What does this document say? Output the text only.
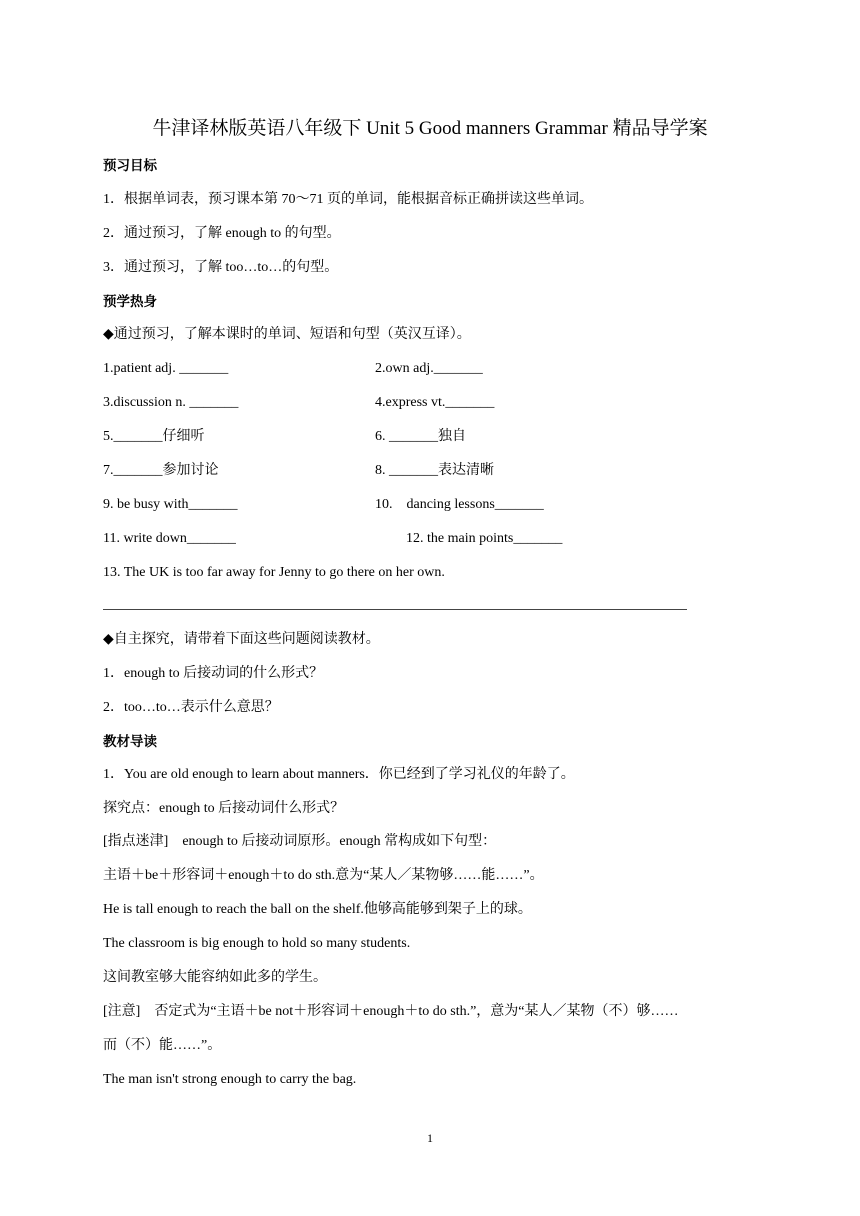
牛津译林版英语八年级下 Unit 5 Good manners Grammar 精品导学案
预习目标
1．根据单词表，预习课本第 70～71 页的单词，能根据音标正确拼读这些单词。
2．通过预习，了解 enough to 的句型。
3．通过预习，了解 too…to…的句型。
预学热身
◆通过预习，了解本课时的单词、短语和句型（英汉互译）。
1.patient adj. _______	2.own adj._______
3.discussion n. _______	4.express vt._______
5._______仔细听	6. _______独自
7._______参加讨论	8. _______表达清晰
9. be busy with_______	10.    dancing lessons_______
11. write down_______	12. the main points_______
13. The UK is too far away for Jenny to go there on her own.
◆自主探究，请带着下面这些问题阅读教材。
1．enough to 后接动词的什么形式？
2．too…to…表示什么意思？
教材导读
1．You are old enough to learn about manners．你已经到了学习礼仪的年龄了。
探究点：enough to 后接动词什么形式？
[指点迷津]　enough to 后接动词原形。enough 常构成如下句型：
主语＋be＋形容词＋enough＋to do sth.意为“某人／某物够……能……”。
He is tall enough to reach the ball on the shelf.他够高能够到架子上的球。
The classroom is big enough to hold so many students.
这间教室够大能容纳如此多的学生。
[注意]　否定式为“主语＋be not＋形容词＋enough＋to do sth.”，意为“某人／某物（不）够……
而（不）能……”。
The man isn't strong enough to carry the bag.
1
